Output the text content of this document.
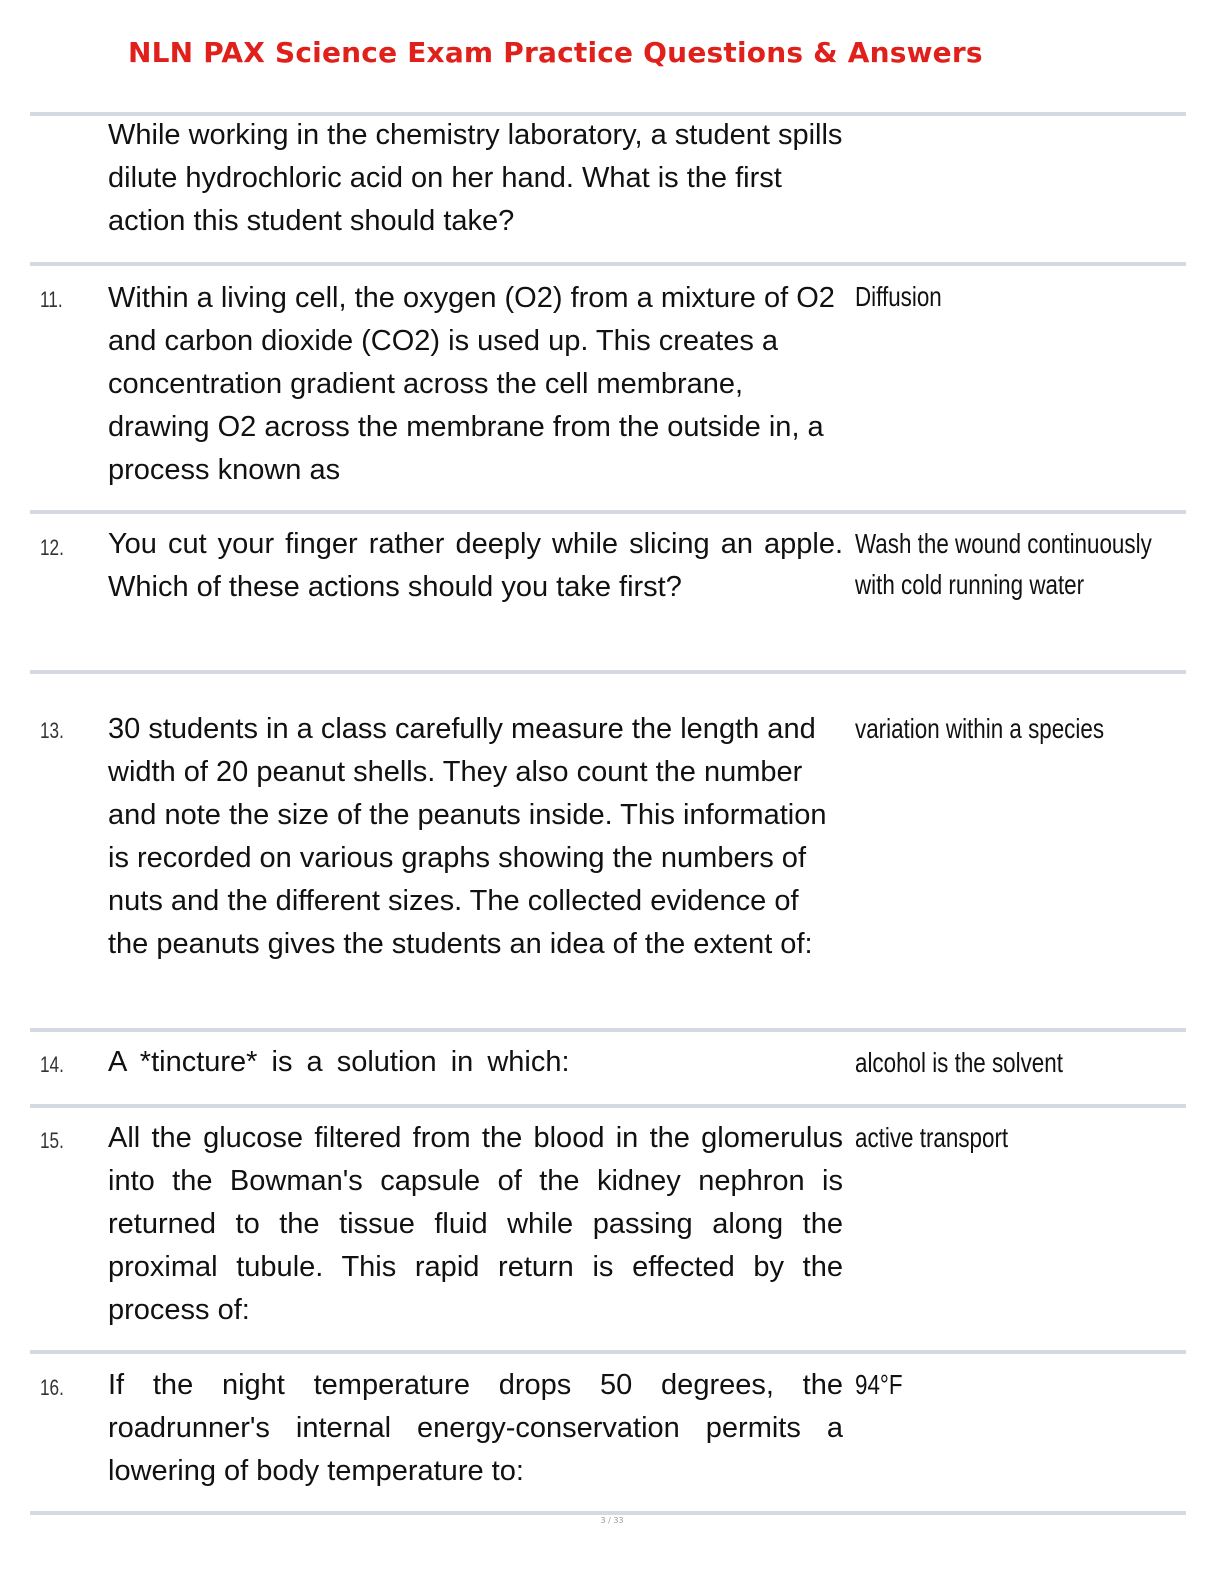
NLN PAX Science Exam Practice Questions & Answers

While working in the chemistry laboratory, a student spills dilute hydrochloric acid on her hand. What is the first action this student should take?

11. Within a living cell, the oxygen (O2) from a mixture of O2 and carbon dioxide (CO2) is used up. This creates a concentration gradient across the cell membrane, drawing O2 across the membrane from the outside in, a process known as

Diffusion

12. You cut your finger rather deeply while slicing an apple. Which of these actions should you take first?

Wash the wound continuously with cold running water

13. 30 students in a class carefully measure the length and width of 20 peanut shells. They also count the number and note the size of the peanuts inside. This information is recorded on various graphs showing the numbers of nuts and the different sizes. The collected evidence of the peanuts gives the students an idea of the extent of:

variation within a species

14. A *tincture* is a solution in which:	alcohol is the solvent

15. All the glucose filtered from the blood in the glomerulus into the Bowman's capsule of the kidney nephron is returned to the tissue fluid while passing along the proximal tubule. This rapid return is effected by the process of:

active transport

16. If the night temperature drops 50 degrees, the roadrunner's internal energy-conservation permits a lowering of body temperature to:

94°F

3 / 33
